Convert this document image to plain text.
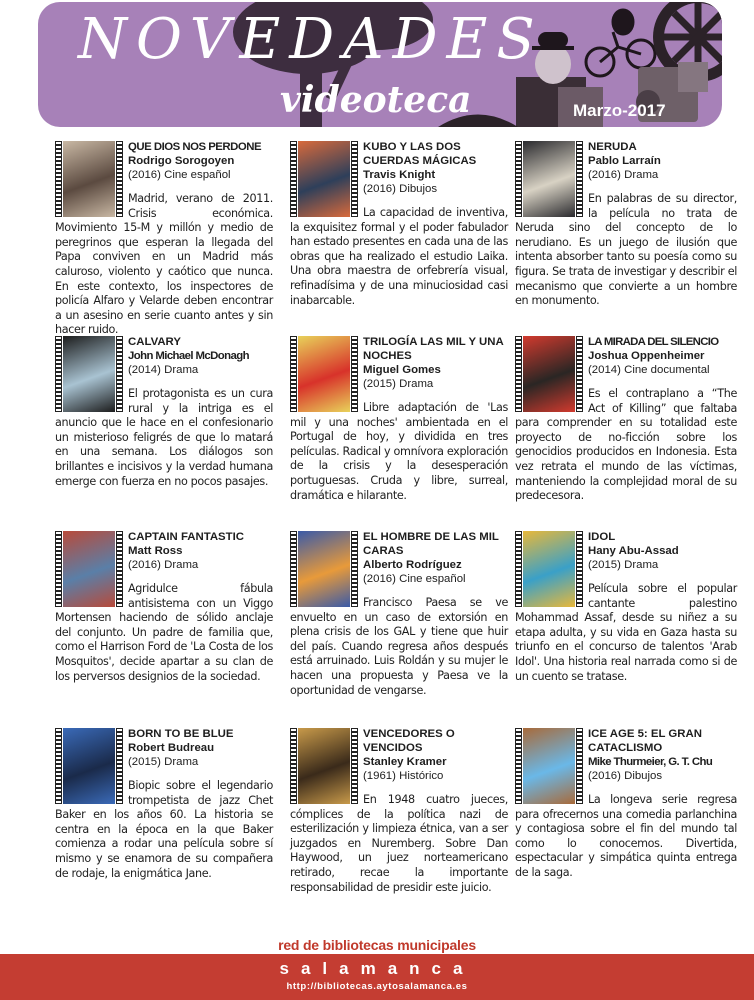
NOVEDADES
videoteca	Marzo-2017
QUE DIOS NOS PERDONE
Rodrigo Sorogoyen
(2016) Cine español
Madrid, verano de 2011. Crisis económica. Movimiento 15-M y millón y medio de peregrinos que esperan la llegada del Papa conviven en un Madrid más caluroso, violento y caótico que nunca. En este contexto, los inspectores de policía Alfaro y Velarde deben encontrar a un asesino en serie cuanto antes y sin hacer ruido.
KUBO Y LAS DOS CUERDAS MÁGICAS
Travis Knight
(2016) Dibujos
La capacidad de inventiva, la exquisitez formal y el poder fabulador han estado presentes en cada una de las obras que ha realizado el estudio Laika. Una obra maestra de orfebrería visual, refinadísima y de una minuciosidad casi inabarcable.
NERUDA
Pablo Larraín
(2016) Drama
En palabras de su director, la película no trata de Neruda sino del concepto de lo nerudiano. Es un juego de ilusión que intenta absorber tanto su poesía como su figura. Se trata de investigar y describir el mecanismo que convierte a un hombre en monumento.
CALVARY
John Michael McDonagh
(2014) Drama
El protagonista es un cura rural y la intriga es el anuncio que le hace en el confesionario un misterioso feligrés de que lo matará en una semana. Los diálogos son brillantes e incisivos y la verdad humana emerge con fuerza en no pocos pasajes.
TRILOGÍA LAS MIL Y UNA NOCHES
Miguel Gomes
(2015) Drama
Libre adaptación de 'Las mil y una noches' ambientada en el Portugal de hoy, y dividida en tres películas. Radical y omnívora exploración de la crisis y la desesperación portuguesas. Cruda y libre, surreal, dramática e hilarante.
LA MIRADA DEL SILENCIO
Joshua Oppenheimer
(2014) Cine documental
Es el contraplano a “The Act of Killing” que faltaba para comprender en su totalidad este proyecto de no-ficción sobre los genocidios producidos en Indonesia. Esta vez retrata el mundo de las víctimas, manteniendo la complejidad moral de su predecesora.
CAPTAIN FANTASTIC
Matt Ross
(2016) Drama
Agridulce fábula antisistema con un Viggo Mortensen haciendo de sólido anclaje del conjunto. Un padre de familia que, como el Harrison Ford de 'La Costa de los Mosquitos', decide apartar a su clan de los perversos designios de la sociedad.
EL HOMBRE DE LAS MIL CARAS
Alberto Rodríguez
(2016) Cine español
Francisco Paesa se ve envuelto en un caso de extorsión en plena crisis de los GAL y tiene que huir del país. Cuando regresa años después está arruinado. Luis Roldán y su mujer le hacen una propuesta y Paesa ve la oportunidad de vengarse.
IDOL
Hany Abu-Assad
(2015) Drama
Película sobre el popular cantante palestino Mohammad Assaf, desde su niñez a su etapa adulta, y su vida en Gaza hasta su triunfo en el concurso de talentos 'Arab Idol'. Una historia real narrada como si de un cuento se tratase.
BORN TO BE BLUE
Robert Budreau
(2015) Drama
Biopic sobre el legendario trompetista de jazz Chet Baker en los años 60. La historia se centra en la época en la que Baker comienza a rodar una película sobre sí mismo y se enamora de su compañera de rodaje, la enigmática Jane.
VENCEDORES O VENCIDOS
Stanley Kramer
(1961) Histórico
En 1948 cuatro jueces, cómplices de la política nazi de esterilización y limpieza étnica, van a ser juzgados en Nuremberg. Sobre Dan Haywood, un juez norteamericano retirado, recae la importante responsabilidad de presidir este juicio.
ICE AGE 5: EL GRAN CATACLISMO
Mike Thurmeier, G. T. Chu
(2016) Dibujos
La longeva serie regresa para ofrecernos una comedia parlanchina y contagiosa sobre el fin del mundo tal como lo conocemos. Divertida, espectacular y simpática quinta entrega de la saga.
red de bibliotecas municipales
salamanca
http://bibliotecas.aytosalamanca.es
